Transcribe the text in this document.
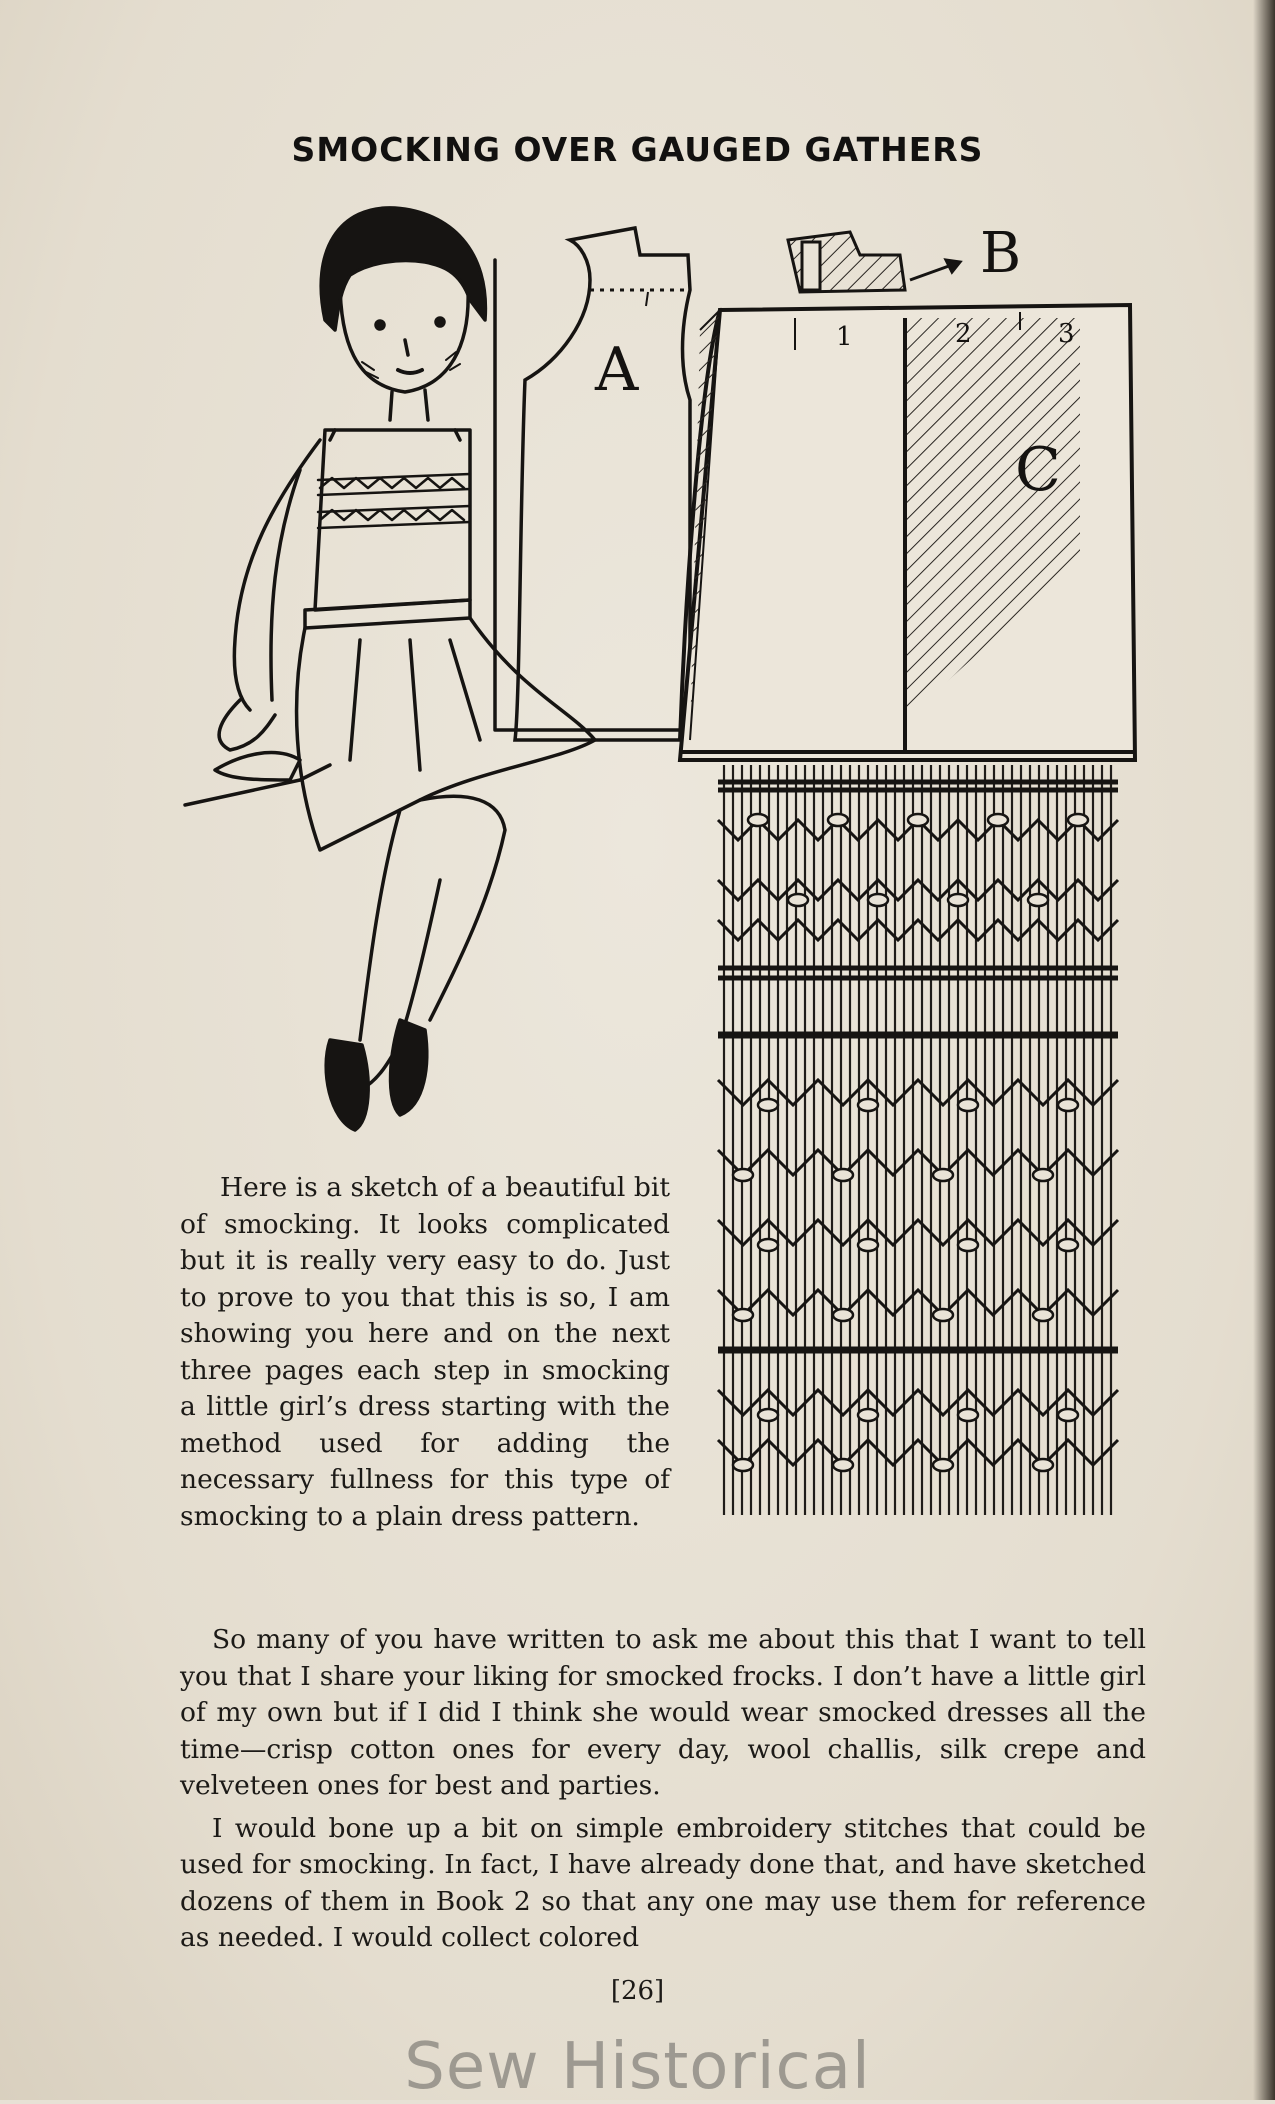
SMOCKING OVER GAUGED GATHERS
A
B
1	2	3
C

Here is a sketch of a beautiful bit of smocking. It looks complicated but it is really very easy to do. Just to prove to you that this is so, I am showing you here and on the next three pages each step in smocking a little girl’s dress starting with the method used for adding the necessary fullness for this type of smocking to a plain dress pattern.

So many of you have written to ask me about this that I want to tell you that I share your liking for smocked frocks. I don’t have a little girl of my own but if I did I think she would wear smocked dresses all the time—crisp cotton ones for every day, wool challis, silk crepe and velveteen ones for best and parties.

I would bone up a bit on simple embroidery stitches that could be used for smocking. In fact, I have already done that, and have sketched dozens of them in Book 2 so that any one may use them for reference as needed. I would collect colored

[26]
Sew Historical
